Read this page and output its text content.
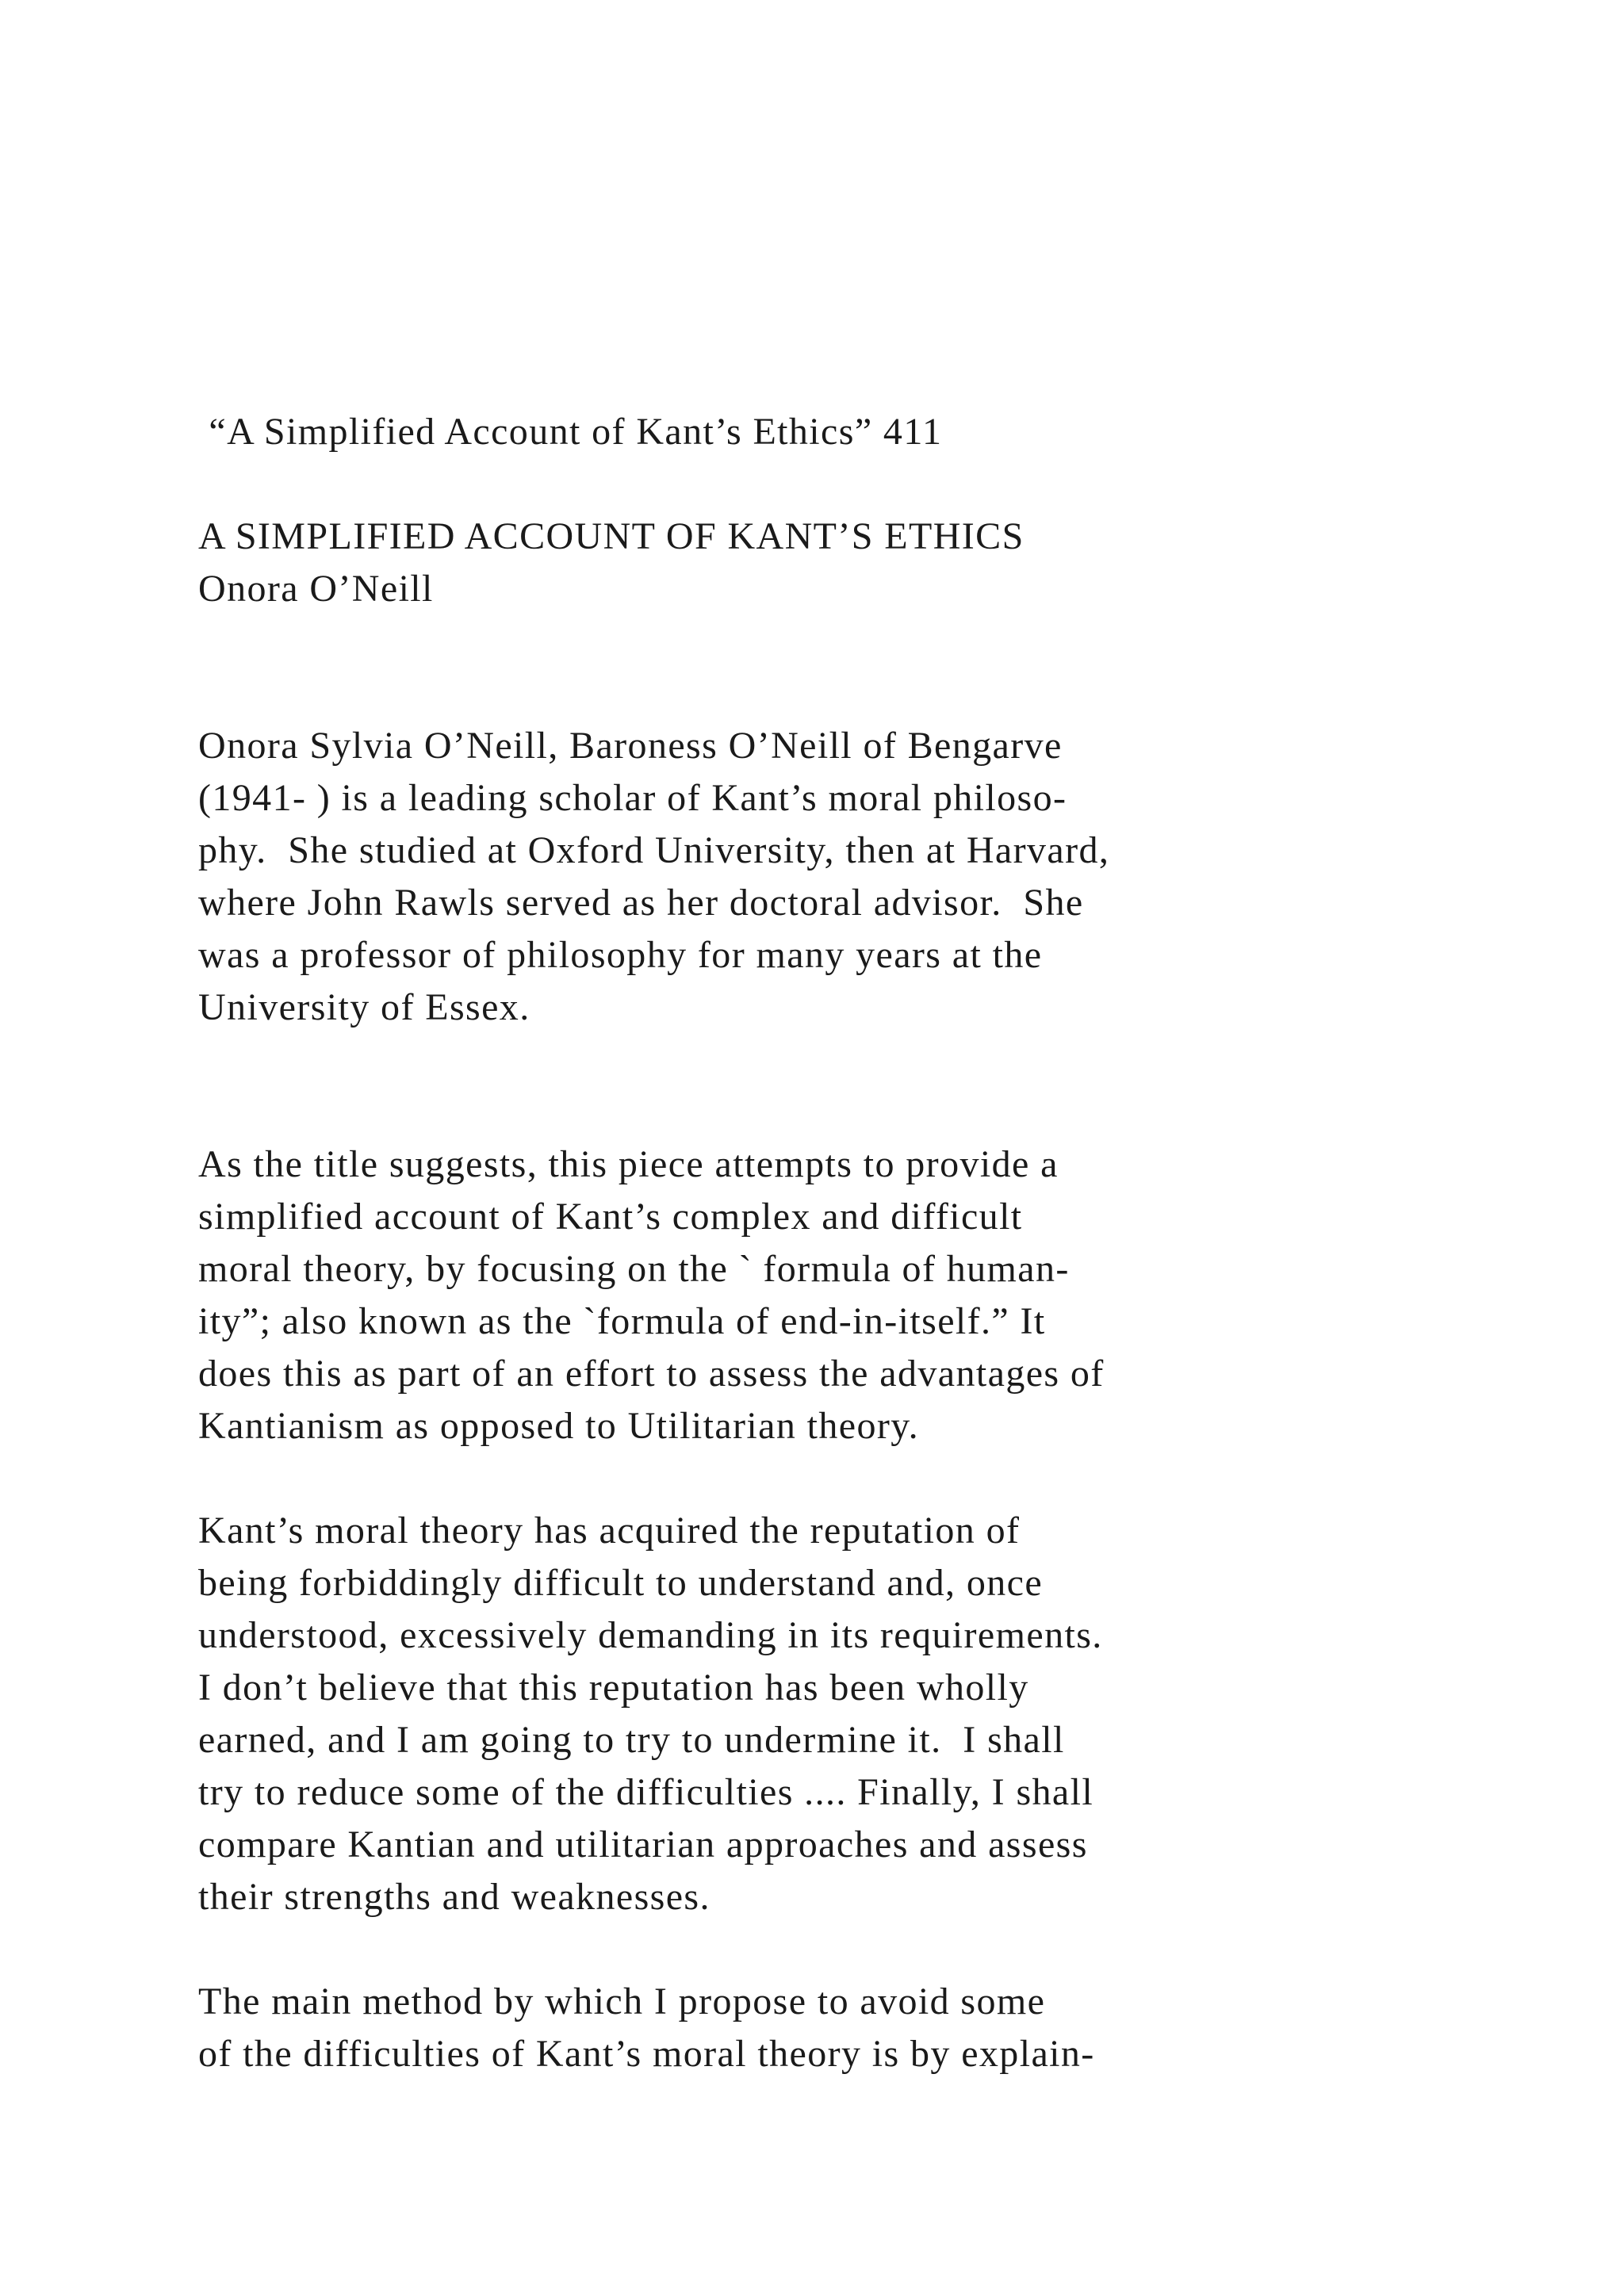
“A Simplified Account of Kant’s Ethics” 411
A SIMPLIFIED ACCOUNT OF KANT’S ETHICS
Onora O’Neill
Onora Sylvia O’Neill, Baroness O’Neill of Bengarve
(1941- ) is a leading scholar of Kant’s moral philoso-
phy.  She studied at Oxford University, then at Harvard,
where John Rawls served as her doctoral advisor.  She
was a professor of philosophy for many years at the
University of Essex.
As the title suggests, this piece attempts to provide a
simplified account of Kant’s complex and difficult
moral theory, by focusing on the ` formula of human-
ity”; also known as the `formula of end-in-itself.” It
does this as part of an effort to assess the advantages of
Kantianism as opposed to Utilitarian theory.
Kant’s moral theory has acquired the reputation of
being forbiddingly difficult to understand and, once
understood, excessively demanding in its requirements.
I don’t believe that this reputation has been wholly
earned, and I am going to try to undermine it.  I shall
try to reduce some of the difficulties .... Finally, I shall
compare Kantian and utilitarian approaches and assess
their strengths and weaknesses.
The main method by which I propose to avoid some
of the difficulties of Kant’s moral theory is by explain-
